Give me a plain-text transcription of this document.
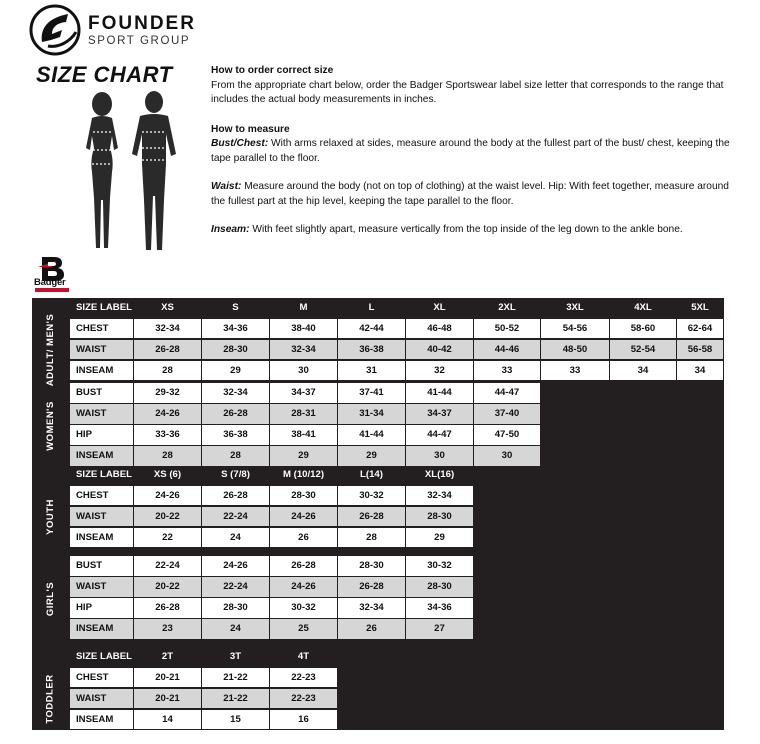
FOUNDER
SPORT GROUP
SIZE CHART	How to order correct size

From the appropriate chart below, order the Badger Sportswear label size letter that corresponds to the range that includes the actual body measurements in inches.

How to measure

Bust/Chest: With arms relaxed at sides, measure around the body at the fullest part of the bust/ chest, keeping the tape parallel to the floor.

Waist: Measure around the body (not on top of clothing) at the waist level. Hip: With feet together, measure around the fullest part at the hip level, keeping the tape parallel to the floor.

Inseam: With feet slightly apart, measure vertically from the top inside of the leg down to the ankle bone.

Badger
ADULT/ MEN'S
SIZE LABEL	XS	S	M	L	XL	2XL	3XL	4XL	5XL
CHEST	32-34	34-36	38-40	42-44	46-48	50-52	54-56	58-60	62-64
WAIST	26-28	28-30	32-34	36-38	40-42	44-46	48-50	52-54	56-58
INSEAM	28	29	30	31	32	33	33	34	34
WOMEN'S
BUST	29-32	32-34	34-37	37-41	41-44	44-47
WAIST	24-26	26-28	28-31	31-34	34-37	37-40
HIP	33-36	36-38	38-41	41-44	44-47	47-50
INSEAM	28	28	29	29	30	30
YOUTH
SIZE LABEL	XS (6)	S (7/8)	M (10/12)	L(14)	XL(16)
CHEST	24-26	26-28	28-30	30-32	32-34
WAIST	20-22	22-24	24-26	26-28	28-30
INSEAM	22	24	26	28	29
GIRL'S
BUST	22-24	24-26	26-28	28-30	30-32
WAIST	20-22	22-24	24-26	26-28	28-30
HIP	26-28	28-30	30-32	32-34	34-36
INSEAM	23	24	25	26	27
TODDLER
SIZE LABEL	2T	3T	4T
CHEST	20-21	21-22	22-23
WAIST	20-21	21-22	22-23
INSEAM	14	15	16
